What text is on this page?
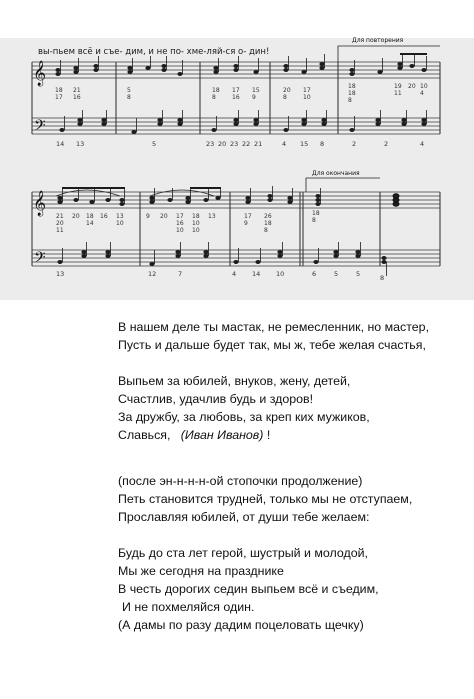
вы-пьем всё и съе- дим, и не по- хме-ляй-ся о- дин!
Для повторения
𝄞
𝄢
18
17
21
16
5
8
18
8
17
16
15
9
20
8
17
10
18
18
8
19 20 10
11	4
14 13	5	23 20 23 22 21	4 15 8	2	2	4
Для окончания
𝄞
𝄢
21 20 18 16 13
20	14	10
11
9 20 17 18 13
16 10
10 10
17 26
9	18
8
18
8
13	12	7	4 14 10	6	5	5	8

В нашем деле ты мастак, не ремесленник, но мастер,

Пусть и дальше будет так, мы ж, тебе желая счастья,

Выпьем за юбилей, внуков, жену, детей,

Счастлив, удачлив будь и здоров!

За дружбу, за любовь, за креп ких мужиков,

Славься, (Иван Иванов) !

(после эн-н-н-н-ой стопочки продолжение)

Петь становится трудней, только мы не отступаем,

Прославляя юбилей, от души тебе желаем:

Будь до ста лет герой, шустрый и молодой,

Мы же сегодня на празднике

В честь дорогих седин выпьем всё и съедим,

И не похмеляйся один.

(А дамы по разу дадим поцеловать щечку)
